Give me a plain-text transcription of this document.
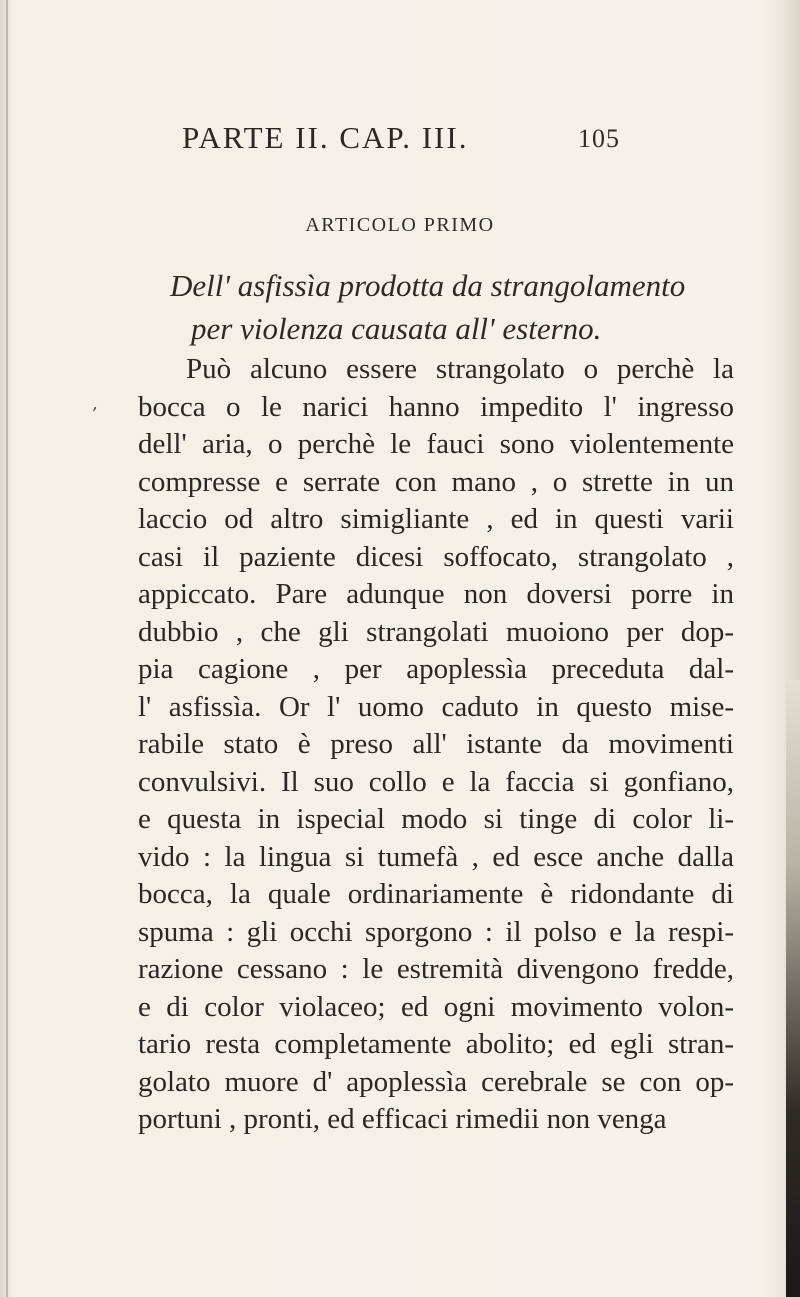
PARTE II. CAP. III.	105
ARTICOLO PRIMO
Dell' asfissìa prodotta da strangolamento
per violenza causata all' esterno.
‚
Può alcuno essere strangolato o perchè la
bocca o le narici hanno impedito l' ingresso
dell' aria, o perchè le fauci sono violentemente
compresse e serrate con mano , o strette in un
laccio od altro simigliante , ed in questi varii
casi il paziente dicesi soffocato, strangolato ,
appiccato. Pare adunque non doversi porre in
dubbio , che gli strangolati muoiono per dop-
pia cagione , per apoplessìa preceduta dal-
l' asfissìa. Or l' uomo caduto in questo mise-
rabile stato è preso all' istante da movimenti
convulsivi. Il suo collo e la faccia si gonfiano,
e questa in ispecial modo si tinge di color li-
vido : la lingua si tumefà , ed esce anche dalla
bocca, la quale ordinariamente è ridondante di
spuma : gli occhi sporgono : il polso e la respi-
razione cessano : le estremità divengono fredde,
e di color violaceo; ed ogni movimento volon-
tario resta completamente abolito; ed egli stran-
golato muore d' apoplessìa cerebrale se con op-
portuni , pronti, ed efficaci rimedii non venga
